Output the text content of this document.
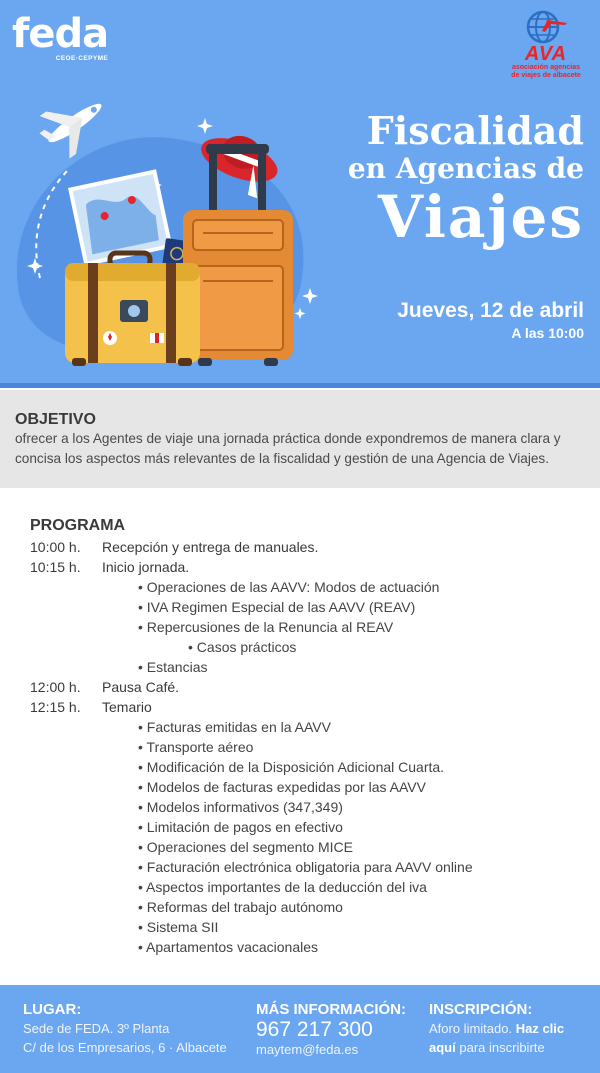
feda
CEOE·CEPYME	AVA
asociación agencias
de viajes de albacete
Fiscalidad
en Agencias de
Viajes
Jueves, 12 de abril
A las 10:00
OBJETIVO
ofrecer a los Agentes de viaje una jornada práctica donde expondremos de manera clara y
concisa los aspectos más relevantes de la fiscalidad y gestión de una Agencia de Viajes.
PROGRAMA
10:00 h.	Recepción y entrega de manuales.
10:15 h.	Inicio jornada.
• Operaciones de las AAVV: Modos de actuación
• IVA Regimen Especial de las AAVV (REAV)
• Repercusiones de la Renuncia al REAV
• Casos prácticos
• Estancias
12:00 h.	Pausa Café.
12:15 h.	Temario
• Facturas emitidas en la AAVV
• Transporte aéreo
• Modificación de la Disposición Adicional Cuarta.
• Modelos de facturas expedidas por las AAVV
• Modelos informativos (347,349)
• Limitación de pagos en efectivo
• Operaciones del segmento MICE
• Facturación electrónica obligatoria para AAVV online
• Aspectos importantes de la deducción del iva
• Reformas del trabajo autónomo
• Sistema SII
• Apartamentos vacacionales
LUGAR:
Sede de FEDA. 3º Planta
C/ de los Empresarios, 6 · Albacete
MÁS INFORMACIÓN:
967 217 300
maytem@feda.es
INSCRIPCIÓN:
Aforo limitado. Haz clic
aquí para inscribirte
